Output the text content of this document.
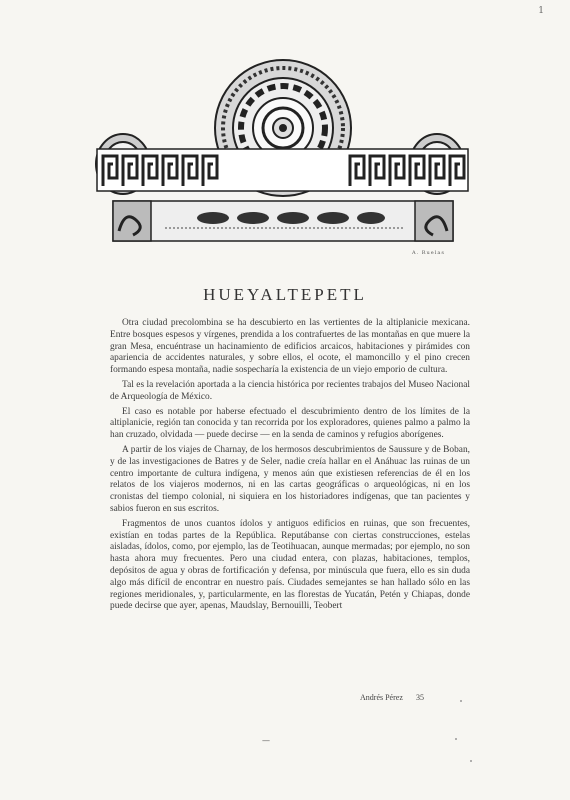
1
A. Ruelas
HUEYALTEPETL

Otra ciudad precolombina se ha descubierto en las vertientes de la altiplanicie mexicana. Entre bosques espesos y vírgenes, prendida a los contrafuertes de las montañas en que muere la gran Mesa, encuéntrase un hacinamiento de edificios arcaicos, habitaciones y pirámides con apariencia de accidentes naturales, y sobre ellos, el ocote, el mamoncillo y el pino crecen formando espesa montaña, nadie sospecharía la existencia de un viejo emporio de cultura.

Tal es la revelación aportada a la ciencia histórica por recientes trabajos del Museo Nacional de Arqueología de México.

El caso es notable por haberse efectuado el descubrimiento dentro de los límites de la altiplanicie, región tan conocida y tan recorrida por los exploradores, quienes palmo a palmo la han cruzado, olvidada — puede decirse — en la senda de caminos y refugios aborígenes.

A partir de los viajes de Charnay, de los hermosos descubrimientos de Saussure y de Boban, y de las investigaciones de Batres y de Seler, nadie creía hallar en el Anáhuac las ruinas de un centro importante de cultura indígena, y menos aún que existiesen referencias de él en los relatos de los viajeros modernos, ni en las cartas geográficas o arqueológicas, ni en los cronistas del tiempo colonial, ni siquiera en los historiadores indígenas, que tan pacientes y sabios fueron en sus escritos.

Fragmentos de unos cuantos ídolos y antiguos edificios en ruinas, que son frecuentes, existían en todas partes de la República. Reputábanse con ciertas construcciones, estelas aisladas, ídolos, como, por ejemplo, las de Teotihuacan, aunque mermadas; por ejemplo, no son hasta ahora muy frecuentes. Pero una ciudad entera, con plazas, habitaciones, templos, depósitos de agua y obras de fortificación y defensa, por minúscula que fuera, ello es sin duda algo más difícil de encontrar en nuestro país. Ciudades semejantes se han hallado sólo en las regiones meridionales, y, particularmente, en las florestas de Yucatán, Petén y Chiapas, donde puede decirse que ayer, apenas, Maudslay, Bernouilli, Teobert

Andrés Pérez 35
—
